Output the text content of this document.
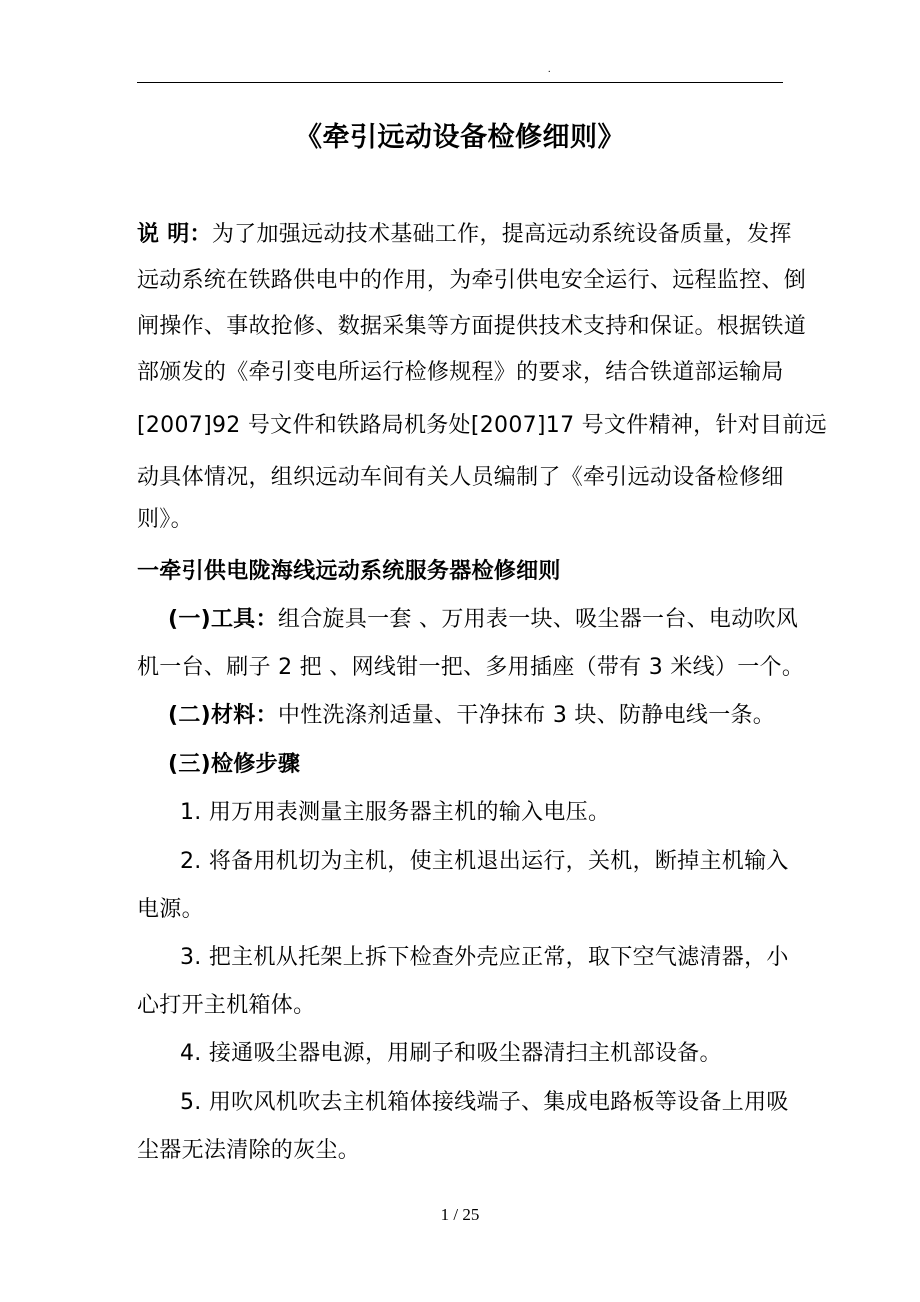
.
《牵引远动设备检修细则》
说 明：为了加强远动技术基础工作，提高远动系统设备质量，发挥
远动系统在铁路供电中的作用，为牵引供电安全运行、远程监控、倒
闸操作、事故抢修、数据采集等方面提供技术支持和保证。根据铁道
部颁发的《牵引变电所运行检修规程》的要求，结合铁道部运输局
[2007]92 号文件和铁路局机务处[2007]17 号文件精神，针对目前远
动具体情况，组织远动车间有关人员编制了《牵引远动设备检修细
则》。
一牵引供电陇海线远动系统服务器检修细则
(一)工具：组合旋具一套 、万用表一块、吸尘器一台、电动吹风
机一台、刷子 2 把 、网线钳一把、多用插座（带有 3 米线）一个。
(二)材料：中性洗涤剂适量、干净抹布 3 块、防静电线一条。
(三)检修步骤
1. 用万用表测量主服务器主机的输入电压。
2. 将备用机切为主机，使主机退出运行，关机，断掉主机输入
电源。
3. 把主机从托架上拆下检查外壳应正常，取下空气滤清器，小
心打开主机箱体。
4. 接通吸尘器电源，用刷子和吸尘器清扫主机部设备。
5. 用吹风机吹去主机箱体接线端子、集成电路板等设备上用吸
尘器无法清除的灰尘。
1 / 25
